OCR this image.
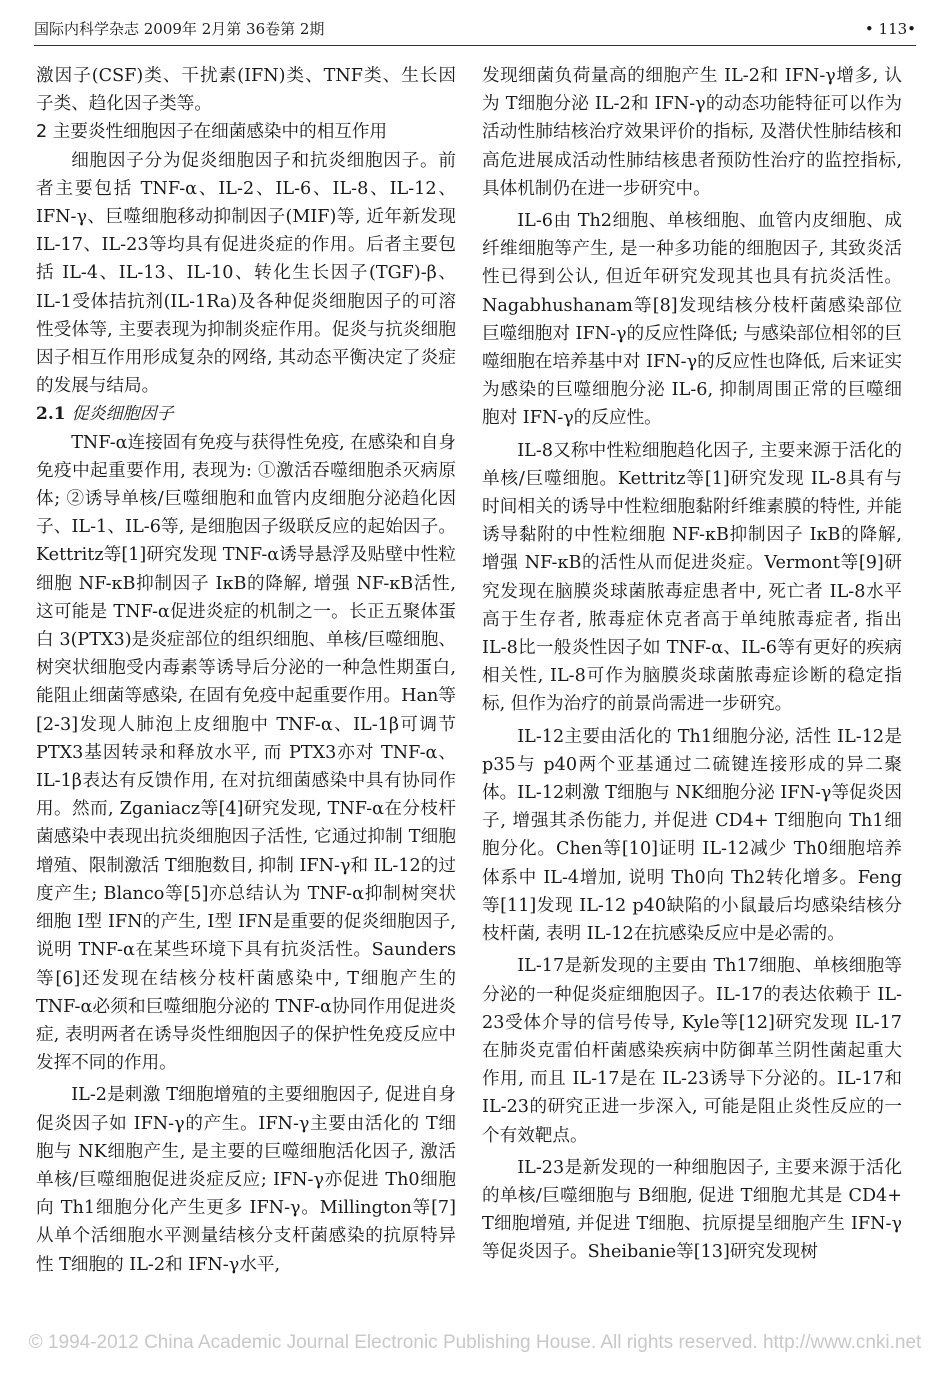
国际内科学杂志 2009年 2月第 36卷第 2期	• 113•

激因子(CSF)类、干扰素(IFN)类、TNF类、生长因子类、趋化因子类等。

2 主要炎性细胞因子在细菌感染中的相互作用

细胞因子分为促炎细胞因子和抗炎细胞因子。前者主要包括 TNF-α、IL-2、IL-6、IL-8、IL-12、IFN-γ、巨噬细胞移动抑制因子(MIF)等, 近年新发现 IL-17、IL-23等均具有促进炎症的作用。后者主要包括 IL-4、IL-13、IL-10、转化生长因子(TGF)-β、IL-1受体拮抗剂(IL-1Ra)及各种促炎细胞因子的可溶性受体等, 主要表现为抑制炎症作用。促炎与抗炎细胞因子相互作用形成复杂的网络, 其动态平衡决定了炎症的发展与结局。

2.1 促炎细胞因子

TNF-α连接固有免疫与获得性免疫, 在感染和自身免疫中起重要作用, 表现为: ①激活吞噬细胞杀灭病原体; ②诱导单核/巨噬细胞和血管内皮细胞分泌趋化因子、IL-1、IL-6等, 是细胞因子级联反应的起始因子。Kettritz等[1]研究发现 TNF-α诱导悬浮及贴壁中性粒细胞 NF-κB抑制因子 IκB的降解, 增强 NF-κB活性, 这可能是 TNF-α促进炎症的机制之一。长正五聚体蛋白 3(PTX3)是炎症部位的组织细胞、单核/巨噬细胞、树突状细胞受内毒素等诱导后分泌的一种急性期蛋白, 能阻止细菌等感染, 在固有免疫中起重要作用。Han等[2-3]发现人肺泡上皮细胞中 TNF-α、IL-1β可调节 PTX3基因转录和释放水平, 而 PTX3亦对 TNF-α、IL-1β表达有反馈作用, 在对抗细菌感染中具有协同作用。然而, Zganiacz等[4]研究发现, TNF-α在分枝杆菌感染中表现出抗炎细胞因子活性, 它通过抑制 T细胞增殖、限制激活 T细胞数目, 抑制 IFN-γ和 IL-12的过度产生; Blanco等[5]亦总结认为 TNF-α抑制树突状细胞 I型 IFN的产生, I型 IFN是重要的促炎细胞因子, 说明 TNF-α在某些环境下具有抗炎活性。Saunders等[6]还发现在结核分枝杆菌感染中, T细胞产生的 TNF-α必须和巨噬细胞分泌的 TNF-α协同作用促进炎症, 表明两者在诱导炎性细胞因子的保护性免疫反应中发挥不同的作用。

IL-2是刺激 T细胞增殖的主要细胞因子, 促进自身促炎因子如 IFN-γ的产生。IFN-γ主要由活化的 T细胞与 NK细胞产生, 是主要的巨噬细胞活化因子, 激活单核/巨噬细胞促进炎症反应; IFN-γ亦促进 Th0细胞向 Th1细胞分化产生更多 IFN-γ。Millington等[7]从单个活细胞水平测量结核分支杆菌感染的抗原特异性 T细胞的 IL-2和 IFN-γ水平,

发现细菌负荷量高的细胞产生 IL-2和 IFN-γ增多, 认为 T细胞分泌 IL-2和 IFN-γ的动态功能特征可以作为活动性肺结核治疗效果评价的指标, 及潜伏性肺结核和高危进展成活动性肺结核患者预防性治疗的监控指标, 具体机制仍在进一步研究中。

IL-6由 Th2细胞、单核细胞、血管内皮细胞、成纤维细胞等产生, 是一种多功能的细胞因子, 其致炎活性已得到公认, 但近年研究发现其也具有抗炎活性。Nagabhushanam等[8]发现结核分枝杆菌感染部位巨噬细胞对 IFN-γ的反应性降低; 与感染部位相邻的巨噬细胞在培养基中对 IFN-γ的反应性也降低, 后来证实为感染的巨噬细胞分泌 IL-6, 抑制周围正常的巨噬细胞对 IFN-γ的反应性。

IL-8又称中性粒细胞趋化因子, 主要来源于活化的单核/巨噬细胞。Kettritz等[1]研究发现 IL-8具有与时间相关的诱导中性粒细胞黏附纤维素膜的特性, 并能诱导黏附的中性粒细胞 NF-κB抑制因子 IκB的降解, 增强 NF-κB的活性从而促进炎症。Vermont等[9]研究发现在脑膜炎球菌脓毒症患者中, 死亡者 IL-8水平高于生存者, 脓毒症休克者高于单纯脓毒症者, 指出 IL-8比一般炎性因子如 TNF-α、IL-6等有更好的疾病相关性, IL-8可作为脑膜炎球菌脓毒症诊断的稳定指标, 但作为治疗的前景尚需进一步研究。

IL-12主要由活化的 Th1细胞分泌, 活性 IL-12是 p35与 p40两个亚基通过二硫键连接形成的异二聚体。IL-12刺激 T细胞与 NK细胞分泌 IFN-γ等促炎因子, 增强其杀伤能力, 并促进 CD4+ T细胞向 Th1细胞分化。Chen等[10]证明 IL-12减少 Th0细胞培养体系中 IL-4增加, 说明 Th0向 Th2转化增多。Feng等[11]发现 IL-12 p40缺陷的小鼠最后均感染结核分枝杆菌, 表明 IL-12在抗感染反应中是必需的。

IL-17是新发现的主要由 Th17细胞、单核细胞等分泌的一种促炎症细胞因子。IL-17的表达依赖于 IL-23受体介导的信号传导, Kyle等[12]研究发现 IL-17在肺炎克雷伯杆菌感染疾病中防御革兰阴性菌起重大作用, 而且 IL-17是在 IL-23诱导下分泌的。IL-17和 IL-23的研究正进一步深入, 可能是阻止炎性反应的一个有效靶点。

IL-23是新发现的一种细胞因子, 主要来源于活化的单核/巨噬细胞与 B细胞, 促进 T细胞尤其是 CD4+ T细胞增殖, 并促进 T细胞、抗原提呈细胞产生 IFN-γ等促炎因子。Sheibanie等[13]研究发现树

© 1994-2012 China Academic Journal Electronic Publishing House. All rights reserved. http://www.cnki.net
